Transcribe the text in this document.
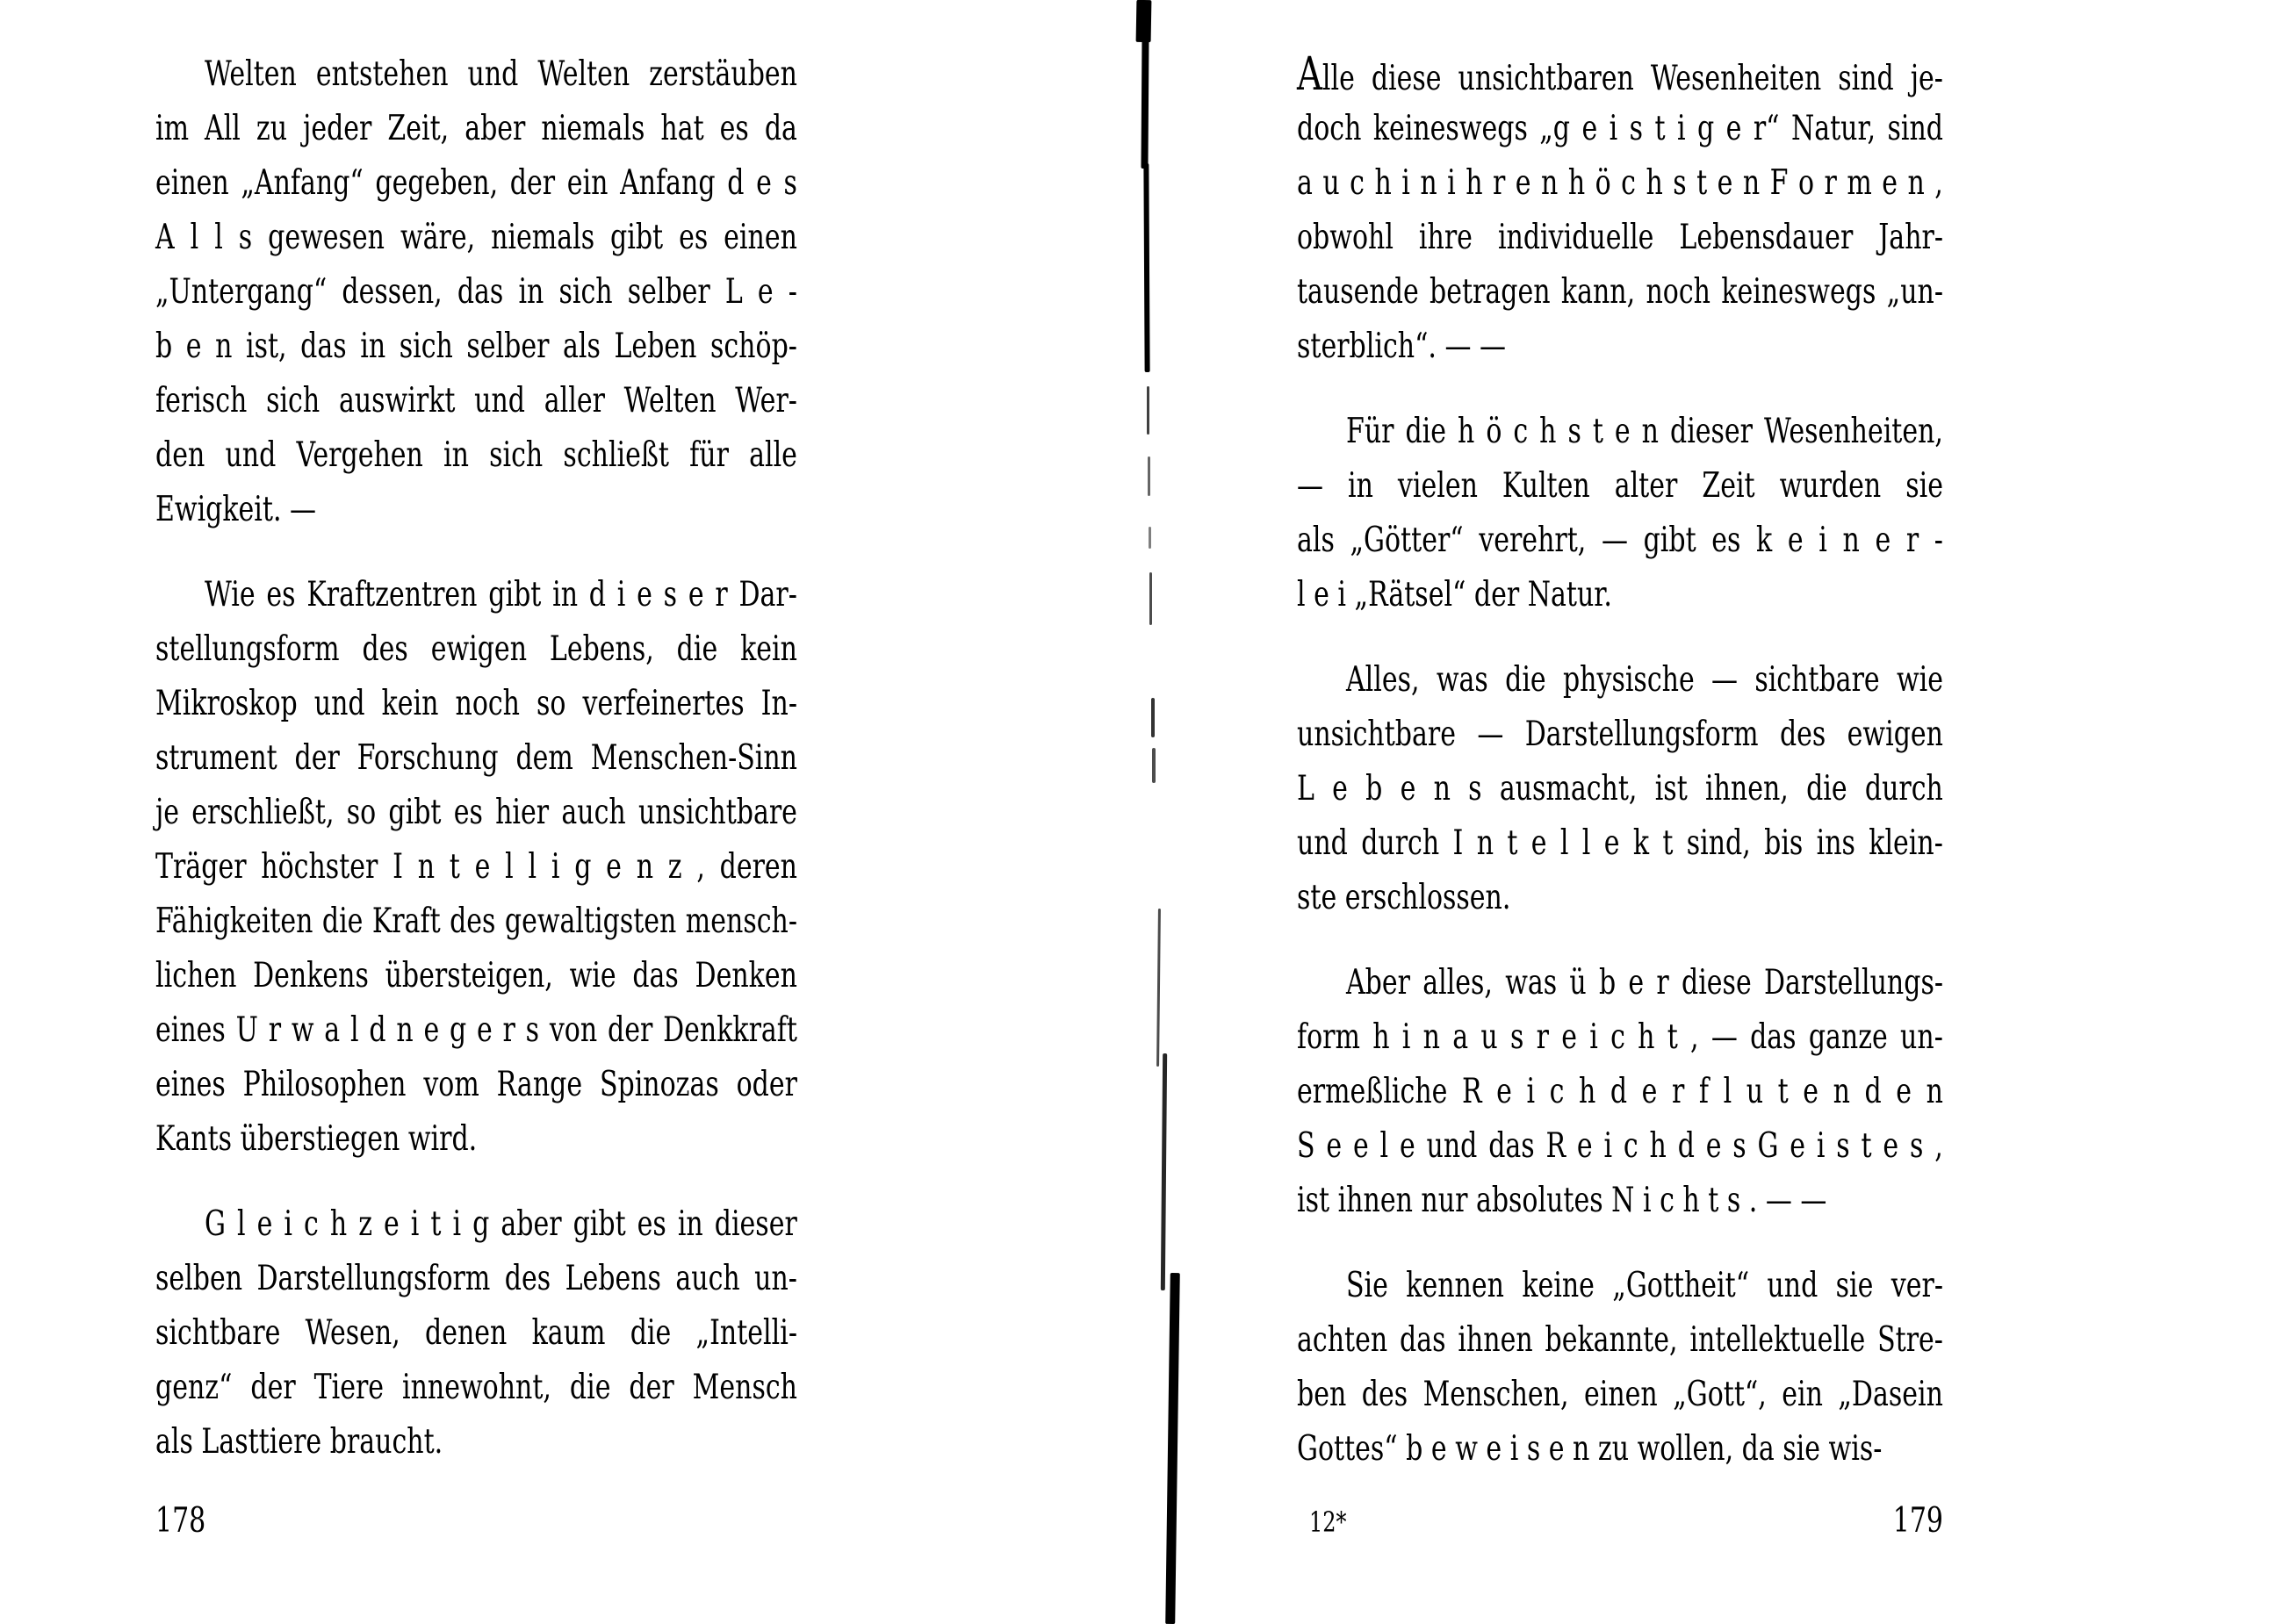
Welten entstehen und Welten zerstäuben
im All zu jeder Zeit, aber niemals hat es da
einen „Anfang“ gegeben, der ein Anfang d e s
A l l s gewesen wäre, niemals gibt es einen
„Untergang“ dessen, das in sich selber L e -
b e n ist, das in sich selber als Leben schöp-
ferisch sich auswirkt und aller Welten Wer-
den und Vergehen in sich schließt für alle
Ewigkeit. —
Wie es Kraftzentren gibt in d i e s e r Dar-
stellungsform des ewigen Lebens, die kein
Mikroskop und kein noch so verfeinertes In-
strument der Forschung dem Menschen-Sinn
je erschließt, so gibt es hier auch unsichtbare
Träger höchster I n t e l l i g e n z , deren
Fähigkeiten die Kraft des gewaltigsten mensch-
lichen Denkens übersteigen, wie das Denken
eines U r w a l d n e g e r s von der Denkkraft
eines Philosophen vom Range Spinozas oder
Kants überstiegen wird.
G l e i c h z e i t i g aber gibt es in dieser
selben Darstellungsform des Lebens auch un-
sichtbare Wesen, denen kaum die „Intelli-
genz“ der Tiere innewohnt, die der Mensch
als Lasttiere braucht.
178
Alle diese unsichtbaren Wesenheiten sind je-
doch keineswegs „g e i s t i g e r“ Natur, sind
a u c h i n i h r e n h ö c h s t e n F o r m e n ,
obwohl ihre individuelle Lebensdauer Jahr-
tausende betragen kann, noch keineswegs „un-
sterblich“. — —
Für die h ö c h s t e n dieser Wesenheiten,
— in vielen Kulten alter Zeit wurden sie
als „Götter“ verehrt, — gibt es k e i n e r -
l e i „Rätsel“ der Natur.
Alles, was die physische — sichtbare wie
unsichtbare — Darstellungsform des ewigen
L e b e n s ausmacht, ist ihnen, die durch
und durch I n t e l l e k t sind, bis ins klein-
ste erschlossen.
Aber alles, was ü b e r diese Darstellungs-
form h i n a u s r e i c h t , — das ganze un-
ermeßliche R e i c h d e r f l u t e n d e n
S e e l e und das R e i c h d e s G e i s t e s ,
ist ihnen nur absolutes N i c h t s . — —
Sie kennen keine „Gottheit“ und sie ver-
achten das ihnen bekannte, intellektuelle Stre-
ben des Menschen, einen „Gott“, ein „Dasein
Gottes“ b e w e i s e n zu wollen, da sie wis-
12*	179
